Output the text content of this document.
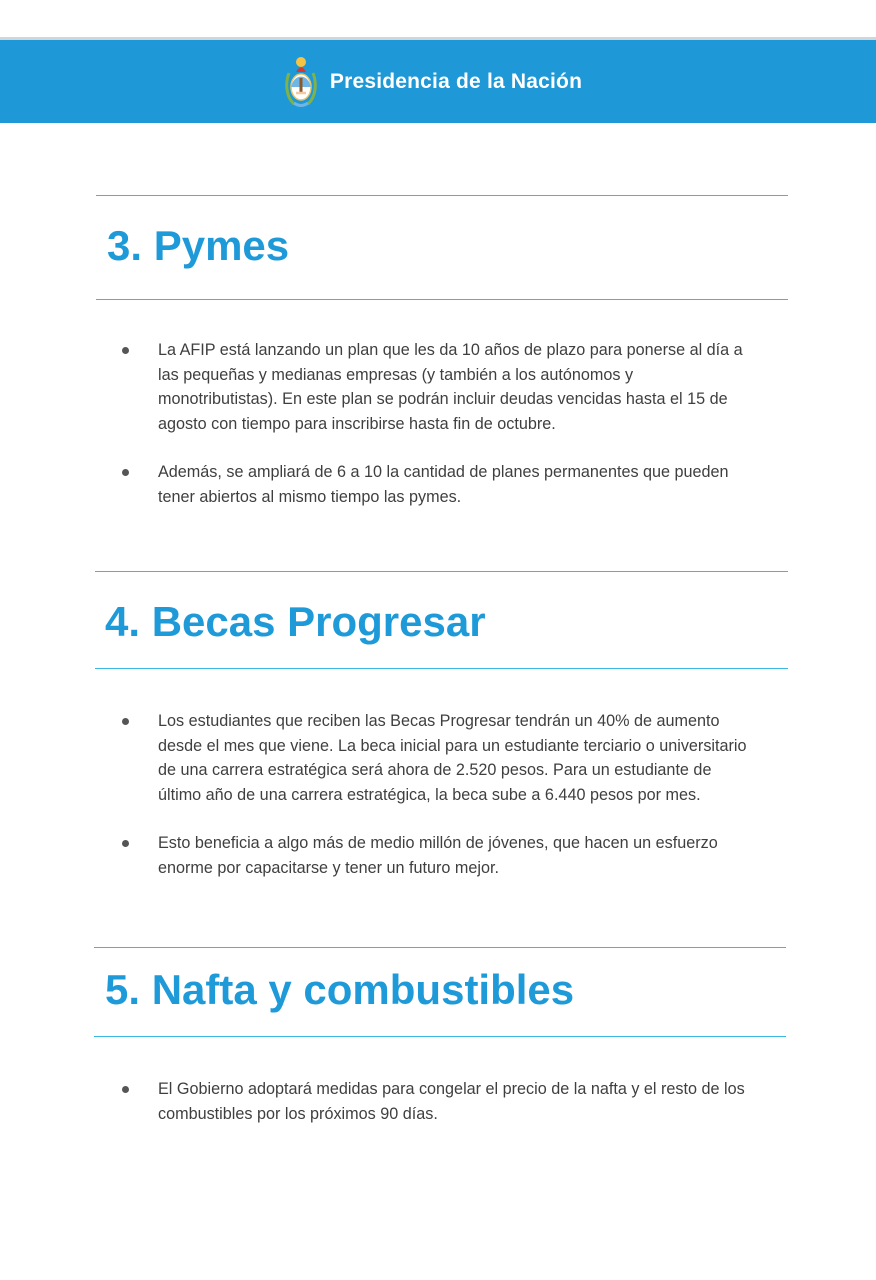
Presidencia de la Nación
3. Pymes
La AFIP está lanzando un plan que les da 10 años de plazo para ponerse al día a las pequeñas y medianas empresas (y también a los autónomos y monotributistas). En este plan se podrán incluir deudas vencidas hasta el 15 de agosto con tiempo para inscribirse hasta fin de octubre.
Además, se ampliará de 6 a 10 la cantidad de planes permanentes que pueden tener abiertos al mismo tiempo las pymes.
4. Becas Progresar
Los estudiantes que reciben las Becas Progresar tendrán un 40% de aumento desde el mes que viene. La beca inicial para un estudiante terciario o universitario de una carrera estratégica será ahora de 2.520 pesos. Para un estudiante de último año de una carrera estratégica, la beca sube a 6.440 pesos por mes.
Esto beneficia a algo más de medio millón de jóvenes, que hacen un esfuerzo enorme por capacitarse y tener un futuro mejor.
5. Nafta y combustibles
El Gobierno adoptará medidas para congelar el precio de la nafta y el resto de los combustibles por los próximos 90 días.
